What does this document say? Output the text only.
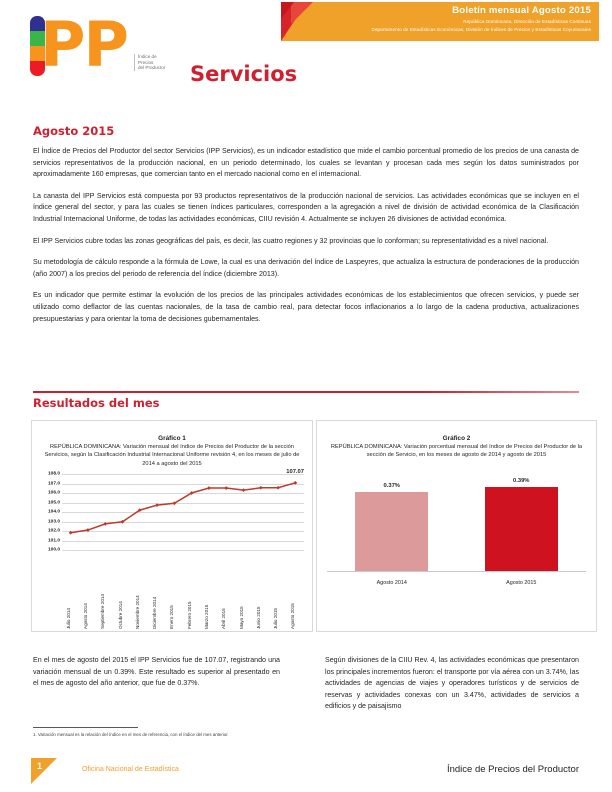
PP	Índice de
Precios
del Productor Servicios
Boletín mensual Agosto 2015
República Dominicana, Dirección de Estadísticas Continuas
Departamento de Estadísticas Económicas, División de Índices de Precios y Estadísticas Coyunturales
Agosto 2015

El Índice de Precios del Productor del sector Servicios (IPP Servicios), es un indicador estadístico que mide el cambio porcentual promedio de los precios de una canasta de servicios representativos de la producción nacional, en un periodo determinado, los cuales se levantan y procesan cada mes según los datos suministrados por aproximadamente 160 empresas, que comercian tanto en el mercado nacional como en el internacional.

La canasta del IPP Servicios está compuesta por 93 productos representativos de la producción nacional de servicios. Las actividades económicas que se incluyen en el índice general del sector, y para las cuales se tienen índices particulares, corresponden a la agregación a nivel de división de actividad económica de la Clasificación Industrial Internacional Uniforme, de todas las actividades económicas, CIIU revisión 4. Actualmente se incluyen 26 divisiones de actividad económica.

El IPP Servicios cubre todas las zonas geográficas del país, es decir, las cuatro regiones y 32 provincias que lo conforman; su representatividad es a nivel nacional.

Su metodología de cálculo responde a la fórmula de Lowe, la cual es una derivación del índice de Laspeyres, que actualiza la estructura de ponderaciones de la producción (año 2007) a los precios del periodo de referencia del índice (diciembre 2013).

Es un indicador que permite estimar la evolución de los precios de las principales actividades económicas de los establecimientos que ofrecen servicios, y puede ser utilizado como deflactor de las cuentas nacionales, de la tasa de cambio real, para detectar focos inflacionarios a lo largo de la cadena productiva, actualizaciones presupuestarias y para orientar la toma de decisiones gubernamentales.

Resultados del mes
Gráfico 1
REPÚBLICA DOMINICANA: Variación mensual del índice de Precios del Productor de la sección Servicios, según la Clasificación Industrial Internacional Uniforme revisión 4, en los meses de julio de 2014 a agosto del 2015
108.0
107.0
106.0
105.0
104.0
103.0
102.0
101.0
100.0
107.07
Julio 2014	Agosto 2014	Septiembre 2014	Octubre 2014	Noviembre 2014	Diciembre 2014	Enero 2015	Febrero 2015	Marzo 2015	Abril 2015	Mayo 2015	Junio 2015	Julio 2015	Agosto 2015
Gráfico 2
REPÚBLICA DOMINICANA: Variación porcentual mensual del índice de Precios del Productor de la sección de Servicio, en los meses de agosto de 2014 y agosto de 2015
0.37%
Agosto 2014
0.39%
Agosto 2015
En el mes de agosto del 2015 el IPP Servicios fue de 107.07, registrando una variación mensual de un 0.39%. Este resultado es superior al presentado en el mes de agosto del año anterior, que fue de 0.37%.
Según divisiones de la CIIU Rev. 4, las actividades económicas que presentaron los principales incrementos fueron: el transporte por vía aérea con un 3.74%, las actividades de agencias de viajes y operadores turísticos y de servicios de reservas y actividades conexas con un 3.47%, actividades de servicios a edificios y de paisajismo
1. Variación mensual es la relación del índice en el mes de referencia, con el índice del mes anterior.
1	Oficina Nacional de Estadística	Índice de Precios del Productor
